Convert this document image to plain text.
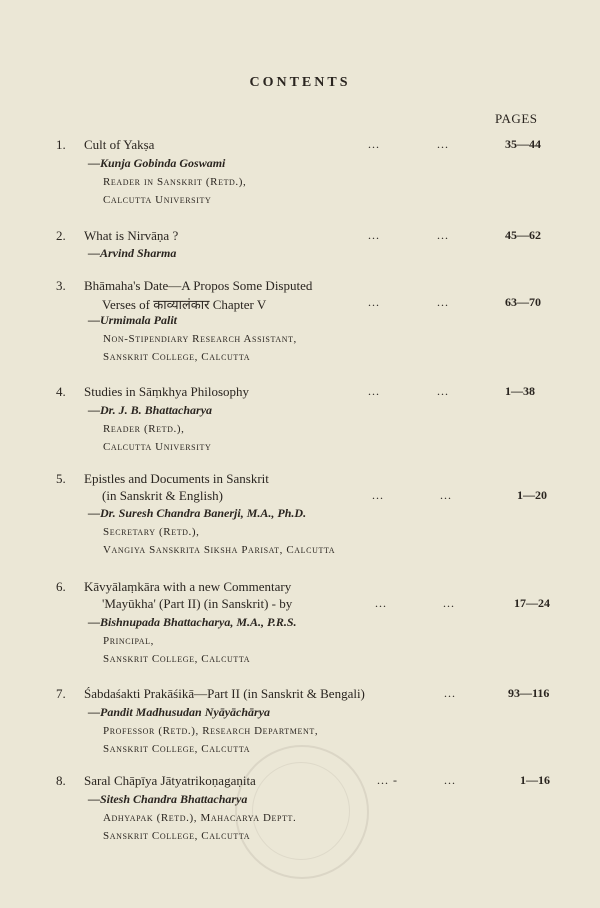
CONTENTS
PAGES
1. Cult of Yakṣa	...	...	35—44
—Kunja Gobinda Goswami
Reader in Sanskrit (Retd.),
Calcutta University
2. What is Nirvāṇa ?	...	...	45—62
—Arvind Sharma
3. Bhāmaha's Date—A Propos Some Disputed
Verses of काव्यालंकार Chapter V	...	...	63—70
—Urmimala Palit
Non-Stipendiary Research Assistant,
Sanskrit College, Calcutta
4. Studies in Sāṃkhya Philosophy	...	...	1—38
—Dr. J. B. Bhattacharya
Reader (Retd.),
Calcutta University
5. Epistles and Documents in Sanskrit
(in Sanskrit & English)	...	...	1—20
—Dr. Suresh Chandra Banerji, M.A., Ph.D.
Secretary (Retd.),
Vangiya Sanskrita Siksha Parisat, Calcutta
6. Kāvyālaṃkāra with a new Commentary
'Mayūkha' (Part II) (in Sanskrit) - by	...	...	17—24
—Bishnupada Bhattacharya, M.A., P.R.S.
Principal,
Sanskrit College, Calcutta
7. Śabdaśakti Prakāśikā—Part II (in Sanskrit & Bengali)	...	93—116
—Pandit Madhusudan Nyāyāchārya
Professor (Retd.), Research Department,
Sanskrit College, Calcutta
8. Saral Chāpīya Jātyatrikoṇagaṇita	... -	...	1—16
—Sitesh Chandra Bhattacharya
Adhyapak (Retd.), Mahacarya Deptt.
Sanskrit College, Calcutta
